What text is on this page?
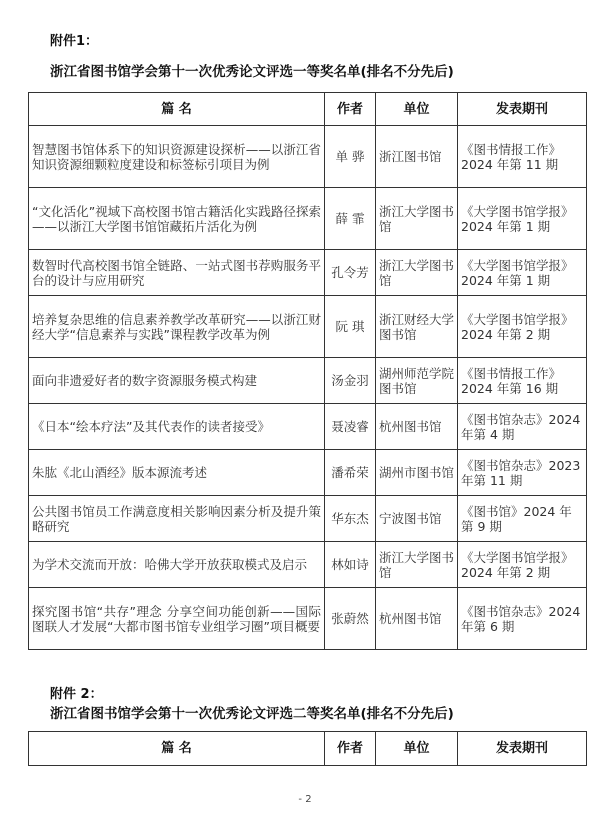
附件1：
浙江省图书馆学会第十一次优秀论文评选一等奖名单(排名不分先后)
篇 名	作者	单位	发表期刊
智慧图书馆体系下的知识资源建设探析——以浙江省知识资源细颗粒度建设和标签标引项目为例	单 骅	浙江图书馆	《图书情报工作》2024 年第 11 期
“文化活化”视域下高校图书馆古籍活化实践路径探索——以浙江大学图书馆馆藏拓片活化为例	薛 霏	浙江大学图书馆	《大学图书馆学报》2024 年第 1 期
数智时代高校图书馆全链路、一站式图书荐购服务平台的设计与应用研究	孔令芳	浙江大学图书馆	《大学图书馆学报》2024 年第 1 期
培养复杂思维的信息素养教学改革研究——以浙江财经大学“信息素养与实践”课程教学改革为例	阮 琪	浙江财经大学图书馆	《大学图书馆学报》2024 年第 2 期
面向非遗爱好者的数字资源服务模式构建	汤金羽	湖州师范学院图书馆	《图书情报工作》2024 年第 16 期
《日本“绘本疗法”及其代表作的读者接受》	聂凌睿	杭州图书馆	《图书馆杂志》2024 年第 4 期
朱肱《北山酒经》版本源流考述	潘希荣	湖州市图书馆	《图书馆杂志》2023 年第 11 期
公共图书馆员工作满意度相关影响因素分析及提升策略研究	华东杰	宁波图书馆	《图书馆》2024 年第 9 期
为学术交流而开放：哈佛大学开放获取模式及启示	林如诗	浙江大学图书馆	《大学图书馆学报》2024 年第 2 期
探究图书馆“共存”理念 分享空间功能创新——国际图联人才发展“大都市图书馆专业组学习圈”项目概要	张蔚然	杭州图书馆	《图书馆杂志》2024 年第 6 期
附件 2：
浙江省图书馆学会第十一次优秀论文评选二等奖名单(排名不分先后)
篇 名	作者	单位	发表期刊
- 2
